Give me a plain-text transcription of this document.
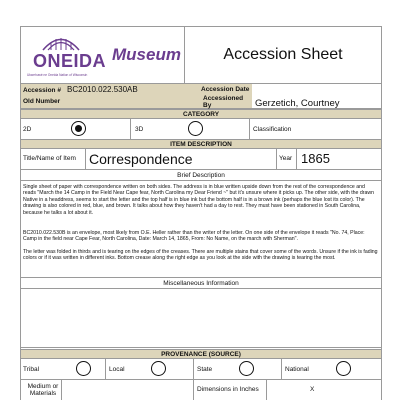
ONEIDA
Ukwehuwé ne Oneida Nation of Wisconsin
Museum	Accession Sheet
Accession # BC2010.022.530AB
Old Number	Accessioned By	Gerzetich, Courtney
Accession Date
CATEGORY
2D	3D	Classification
ITEM DESCRIPTION
Title/Name of Item Correspondence	Year 1865
Brief Description
Single sheet of paper with correspondence written on both sides. The address is in blue written upside down from the rest of the correspondence and reads "March the 14 Camp in the Field Near Cape fear, North Carolina my Dear Friend ~" but it's unsure where it picks up. The other side, with the drawn Native in a headdress, seems to start the letter and the top half is in blue ink but the bottom half is in a brown ink (perhaps the blue lost its color). The drawing is also colored in red, blue, and brown. It talks about how they haven't had a day to rest. They must have been stationed in South Carolina, because he talks a lot about it.
BC2010.022.530B is an envelope, most likely from O.E. Heller rather than the writer of the letter. On one side of the envelope it reads "No. 74, Place: Camp in the field near Cape Fear, North Carolina, Date: March 14, 1865, From: No Name, on the march with Sherman".
The letter was folded in thirds and is tearing on the edges of the creases. There are multiple stains that cover some of the words. Unsure if the ink is fading colors or if it was written in different inks. Bottom crease along the right edge as you look at the side with the drawing is tearing the most.
Miscellaneous Information
PROVENANCE (SOURCE)
Tribal	Local	State	National
Medium or Materials
Dimensions in Inches	X
